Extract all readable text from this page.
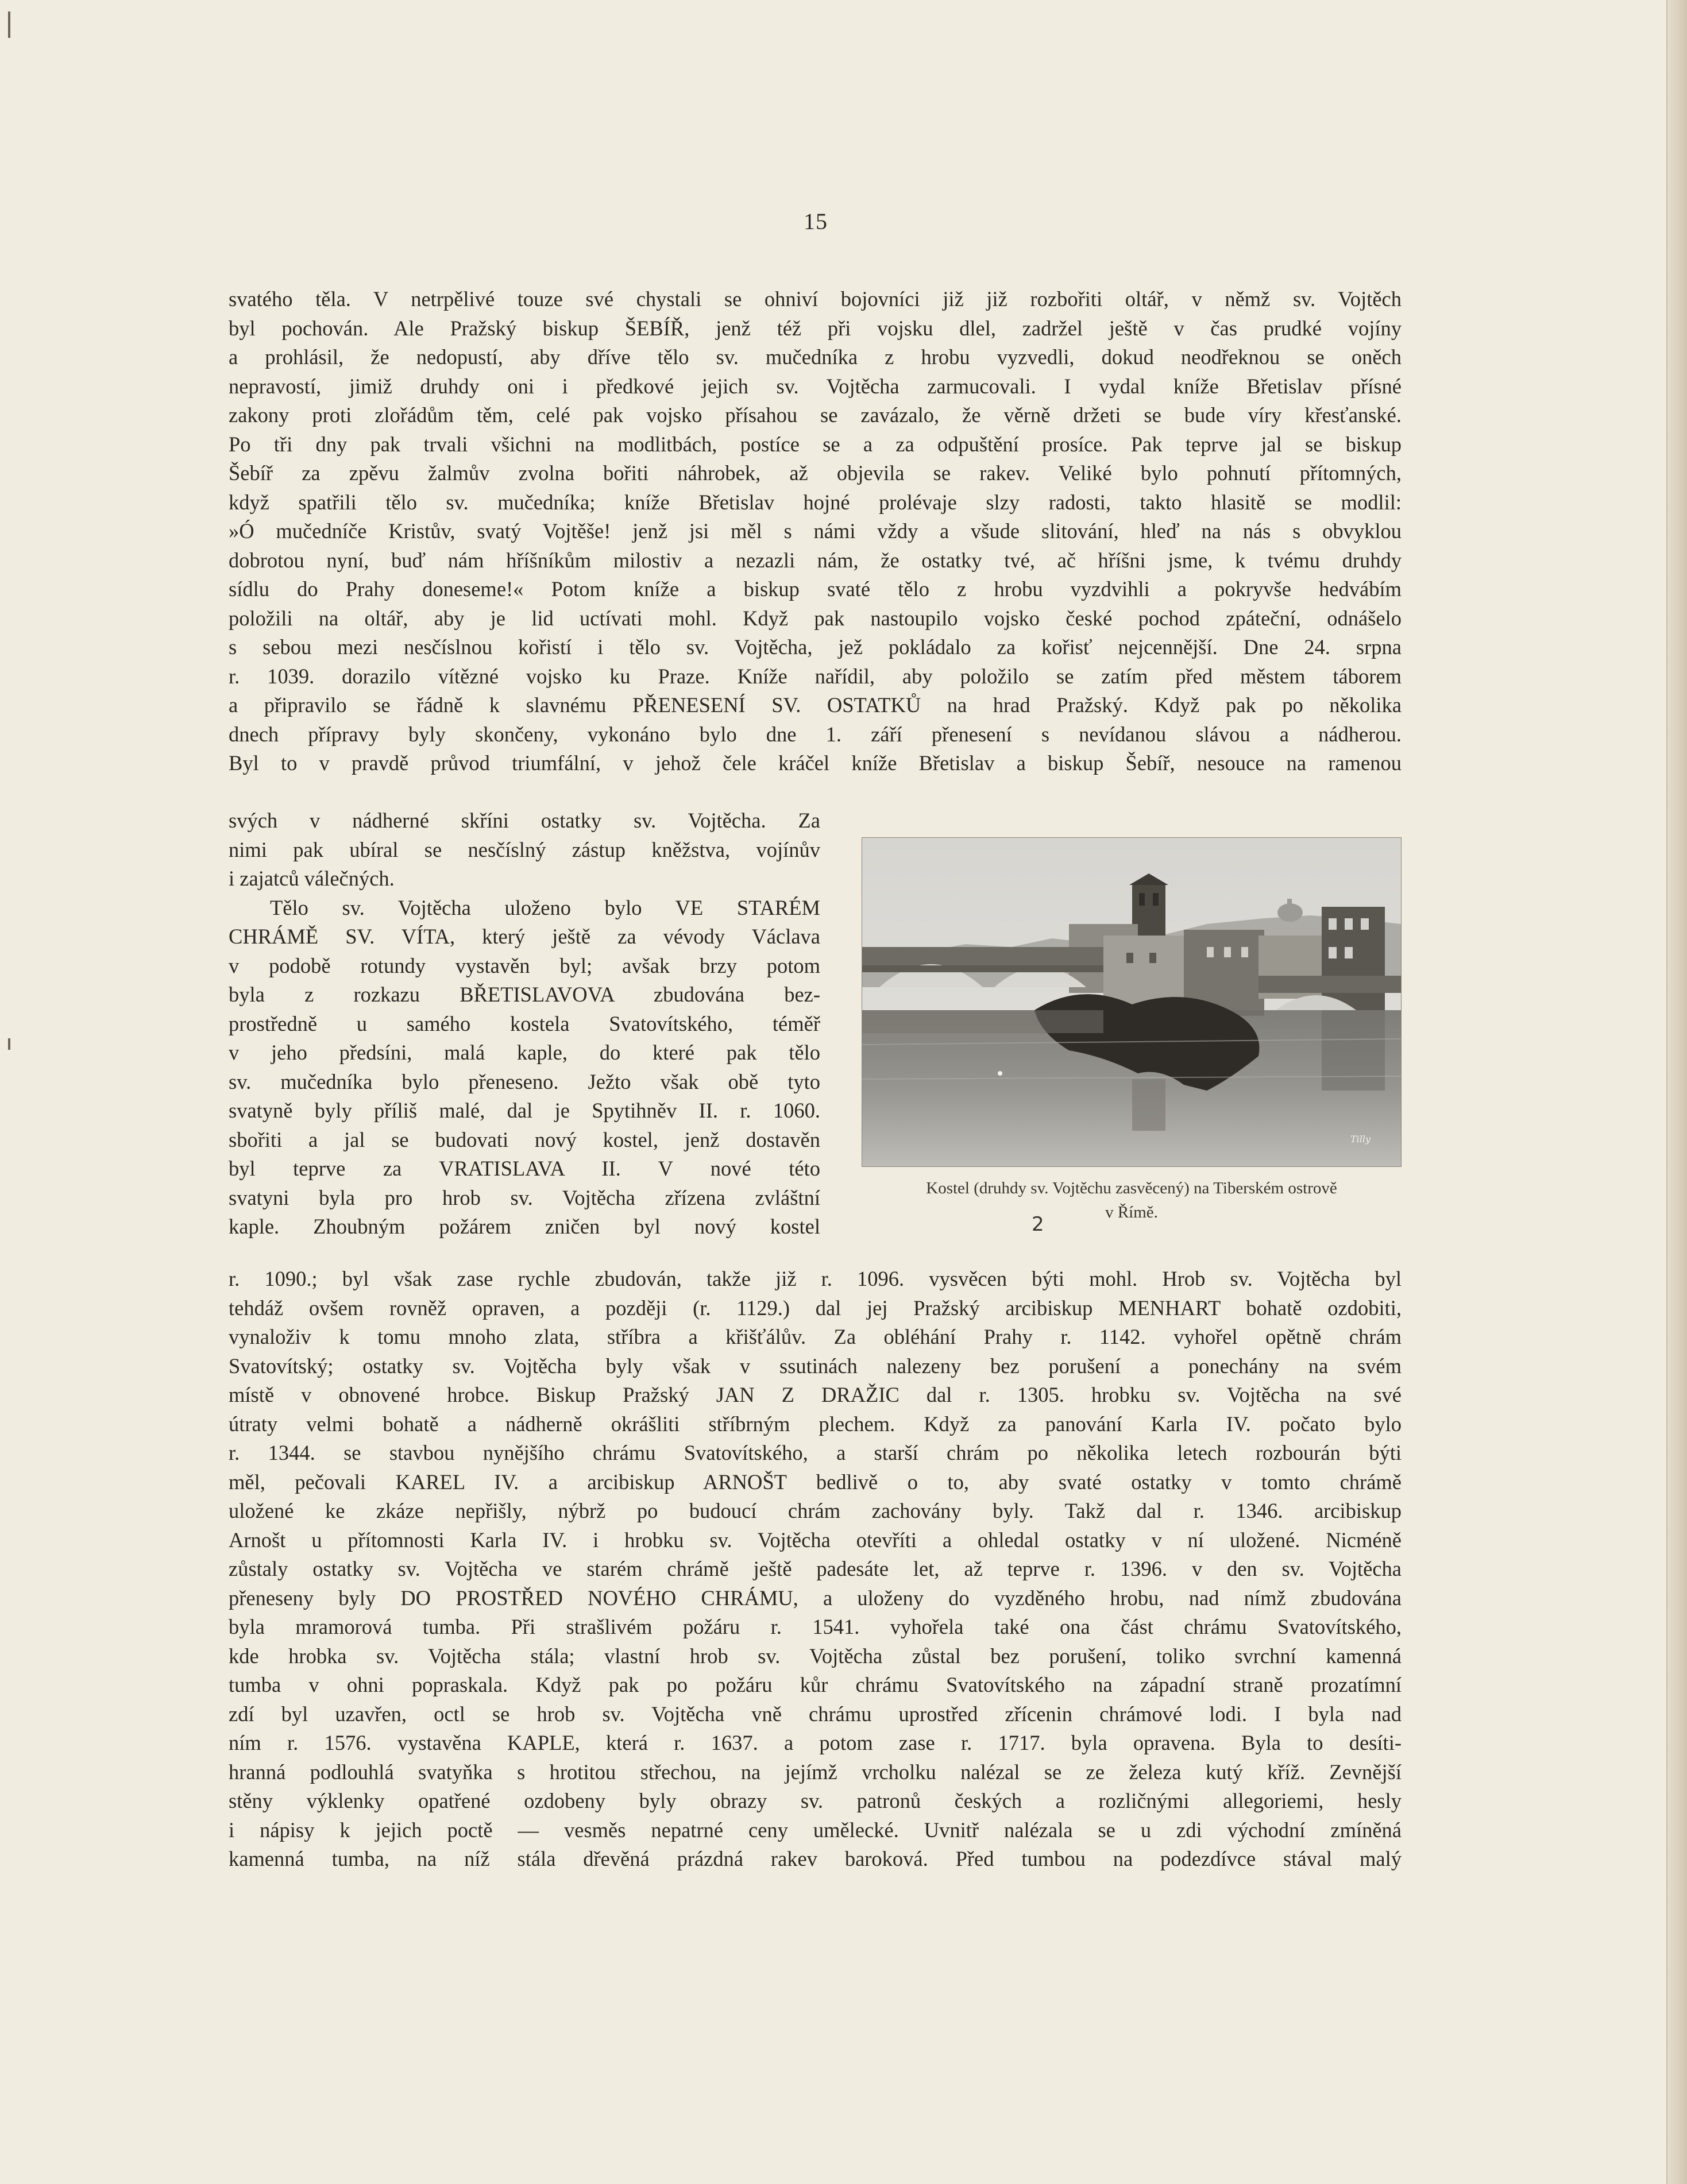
15
svatého těla. V netrpělivé touze své chystali se ohniví bojovníci již již rozbořiti oltář, v němž sv. Vojtěch
byl pochován. Ale Pražský biskup ŠEBÍŘ, jenž též při vojsku dlel, zadržel ještě v čas prudké vojíny
a prohlásil, že nedopustí, aby dříve tělo sv. mučedníka z hrobu vyzvedli, dokud neodřeknou se oněch
nepravostí, jimiž druhdy oni i předkové jejich sv. Vojtěcha zarmucovali. I vydal kníže Břetislav přísné
zakony proti zlořádům těm, celé pak vojsko přísahou se zavázalo, že věrně držeti se bude víry křesťanské.
Po tři dny pak trvali všichni na modlitbách, postíce se a za odpuštění prosíce. Pak teprve jal se biskup
Šebíř za zpěvu žalmův zvolna bořiti náhrobek, až objevila se rakev. Veliké bylo pohnutí přítomných,
když spatřili tělo sv. mučedníka; kníže Břetislav hojné prolévaje slzy radosti, takto hlasitě se modlil:
»Ó mučedníče Kristův, svatý Vojtěše! jenž jsi měl s námi vždy a všude slitování, hleď na nás s obvyklou
dobrotou nyní, buď nám hříšníkům milostiv a nezazli nám, že ostatky tvé, ač hříšni jsme, k tvému druhdy
sídlu do Prahy doneseme!« Potom kníže a biskup svaté tělo z hrobu vyzdvihli a pokryvše hedvábím
položili na oltář, aby je lid uctívati mohl. Když pak nastoupilo vojsko české pochod zpáteční, odnášelo
s sebou mezi nesčíslnou kořistí i tělo sv. Vojtěcha, jež pokládalo za kořisť nejcennější. Dne 24. srpna
r. 1039. dorazilo vítězné vojsko ku Praze. Kníže nařídil, aby položilo se zatím před městem táborem
a připravilo se řádně k slavnému PŘENESENÍ SV. OSTATKŮ na hrad Pražský. Když pak po několika
dnech přípravy byly skončeny, vykonáno bylo dne 1. září přenesení s nevídanou slávou a nádherou.
Byl to v pravdě průvod triumfální, v jehož čele kráčel kníže Břetislav a biskup Šebíř, nesouce na ramenou
svých v nádherné skříni ostatky sv. Vojtěcha. Za
nimi pak ubíral se nesčíslný zástup kněžstva, vojínův
i zajatců válečných.
Tělo sv. Vojtěcha uloženo bylo VE STARÉM
CHRÁMĚ SV. VÍTA, který ještě za vévody Václava
v podobě rotundy vystavěn byl; avšak brzy potom
byla z rozkazu BŘETISLAVOVA zbudována bez-
prostředně u samého kostela Svatovítského, téměř
v jeho předsíni, malá kaple, do které pak tělo
sv. mučedníka bylo přeneseno. Ježto však obě tyto
svatyně byly příliš malé, dal je Spytihněv II. r. 1060.
sbořiti a jal se budovati nový kostel, jenž dostavěn
byl teprve za VRATISLAVA II. V nové této
svatyni byla pro hrob sv. Vojtěcha zřízena zvláštní
kaple. Zhoubným požárem zničen byl nový kostel
Tilly
Kostel (druhdy sv. Vojtěchu zasvěcený) na Tiberském ostrově
v Římě.
2
r. 1090.; byl však zase rychle zbudován, takže již r. 1096. vysvěcen býti mohl. Hrob sv. Vojtěcha byl
tehdáž ovšem rovněž opraven, a později (r. 1129.) dal jej Pražský arcibiskup MENHART bohatě ozdobiti,
vynaloživ k tomu mnoho zlata, stříbra a křišťálův. Za obléhání Prahy r. 1142. vyhořel opětně chrám
Svatovítský; ostatky sv. Vojtěcha byly však v ssutinách nalezeny bez porušení a ponechány na svém
místě v obnovené hrobce. Biskup Pražský JAN Z DRAŽIC dal r. 1305. hrobku sv. Vojtěcha na své
útraty velmi bohatě a nádherně okrášliti stříbrným plechem. Když za panování Karla IV. počato bylo
r. 1344. se stavbou nynějšího chrámu Svatovítského, a starší chrám po několika letech rozbourán býti
měl, pečovali KAREL IV. a arcibiskup ARNOŠT bedlivě o to, aby svaté ostatky v tomto chrámě
uložené ke zkáze nepřišly, nýbrž po budoucí chrám zachovány byly. Takž dal r. 1346. arcibiskup
Arnošt u přítomnosti Karla IV. i hrobku sv. Vojtěcha otevříti a ohledal ostatky v ní uložené. Nicméně
zůstaly ostatky sv. Vojtěcha ve starém chrámě ještě padesáte let, až teprve r. 1396. v den sv. Vojtěcha
přeneseny byly DO PROSTŘED NOVÉHO CHRÁMU, a uloženy do vyzděného hrobu, nad nímž zbudována
byla mramorová tumba. Při strašlivém požáru r. 1541. vyhořela také ona část chrámu Svatovítského,
kde hrobka sv. Vojtěcha stála; vlastní hrob sv. Vojtěcha zůstal bez porušení, toliko svrchní kamenná
tumba v ohni popraskala. Když pak po požáru kůr chrámu Svatovítského na západní straně prozatímní
zdí byl uzavřen, octl se hrob sv. Vojtěcha vně chrámu uprostřed zřícenin chrámové lodi. I byla nad
ním r. 1576. vystavěna KAPLE, která r. 1637. a potom zase r. 1717. byla opravena. Byla to desíti-
hranná podlouhlá svatyňka s hrotitou střechou, na jejímž vrcholku nalézal se ze železa kutý kříž. Zevnější
stěny výklenky opatřené ozdobeny byly obrazy sv. patronů českých a rozličnými allegoriemi, hesly
i nápisy k jejich poctě — vesměs nepatrné ceny umělecké. Uvnitř nalézala se u zdi východní zmíněná
kamenná tumba, na níž stála dřevěná prázdná rakev baroková. Před tumbou na podezdívce stával malý
